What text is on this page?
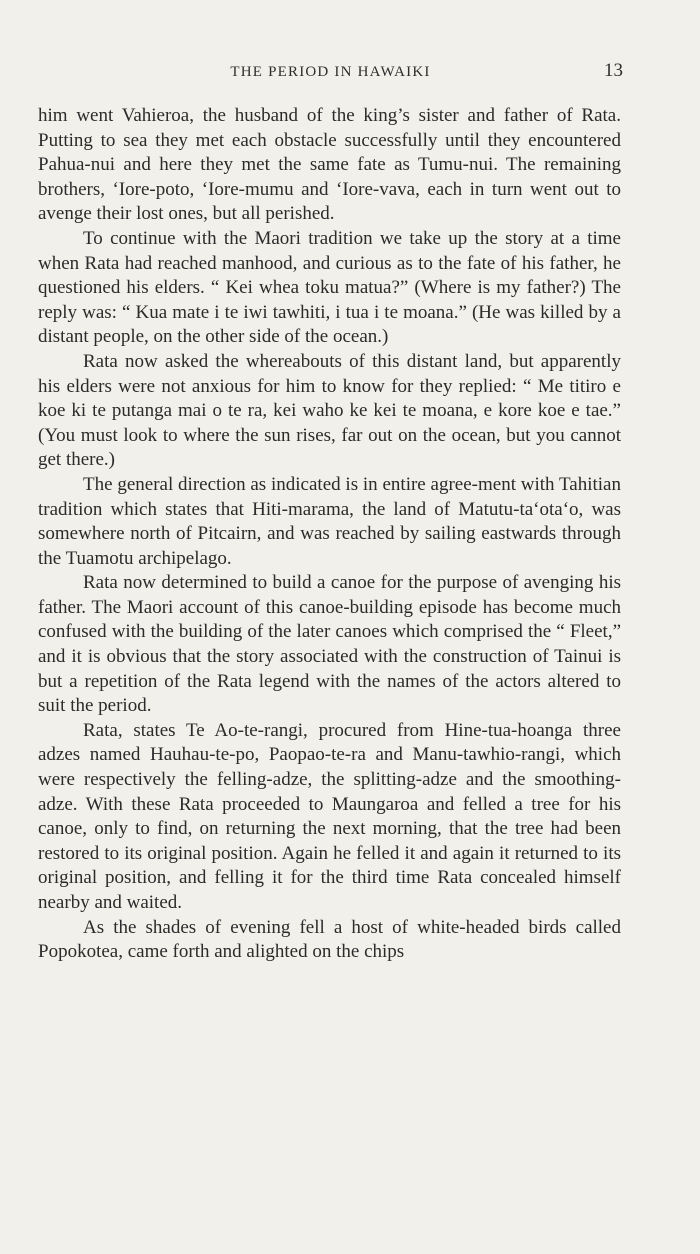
THE PERIOD IN HAWAIKI	13

him went Vahieroa, the husband of the king’s sister and father of Rata. Putting to sea they met each obstacle successfully until they encountered Pahua-nui and here they met the same fate as Tumu-nui. The remaining brothers, ‘Iore-poto, ‘Iore-mumu and ‘Iore-vava, each in turn went out to avenge their lost ones, but all perished.

To continue with the Maori tradition we take up the story at a time when Rata had reached manhood, and curious as to the fate of his father, he questioned his elders. “ Kei whea toku matua?” (Where is my father?) The reply was: “ Kua mate i te iwi tawhiti, i tua i te moana.” (He was killed by a distant people, on the other side of the ocean.)

Rata now asked the whereabouts of this distant land, but apparently his elders were not anxious for him to know for they replied: “ Me titiro e koe ki te putanga mai o te ra, kei waho ke kei te moana, e kore koe e tae.” (You must look to where the sun rises, far out on the ocean, but you cannot get there.)

The general direction as indicated is in entire agree-ment with Tahitian tradition which states that Hiti-marama, the land of Matutu-ta‘ota‘o, was somewhere north of Pitcairn, and was reached by sailing eastwards through the Tuamotu archipelago.

Rata now determined to build a canoe for the purpose of avenging his father. The Maori account of this canoe-building episode has become much confused with the building of the later canoes which comprised the “ Fleet,” and it is obvious that the story associated with the construction of Tainui is but a repetition of the Rata legend with the names of the actors altered to suit the period.

Rata, states Te Ao-te-rangi, procured from Hine-tua-hoanga three adzes named Hauhau-te-po, Paopao-te-ra and Manu-tawhio-rangi, which were respectively the felling-adze, the splitting-adze and the smoothing-adze. With these Rata proceeded to Maungaroa and felled a tree for his canoe, only to find, on returning the next morning, that the tree had been restored to its original position. Again he felled it and again it returned to its original position, and felling it for the third time Rata concealed himself nearby and waited.

As the shades of evening fell a host of white-headed birds called Popokotea, came forth and alighted on the chips
